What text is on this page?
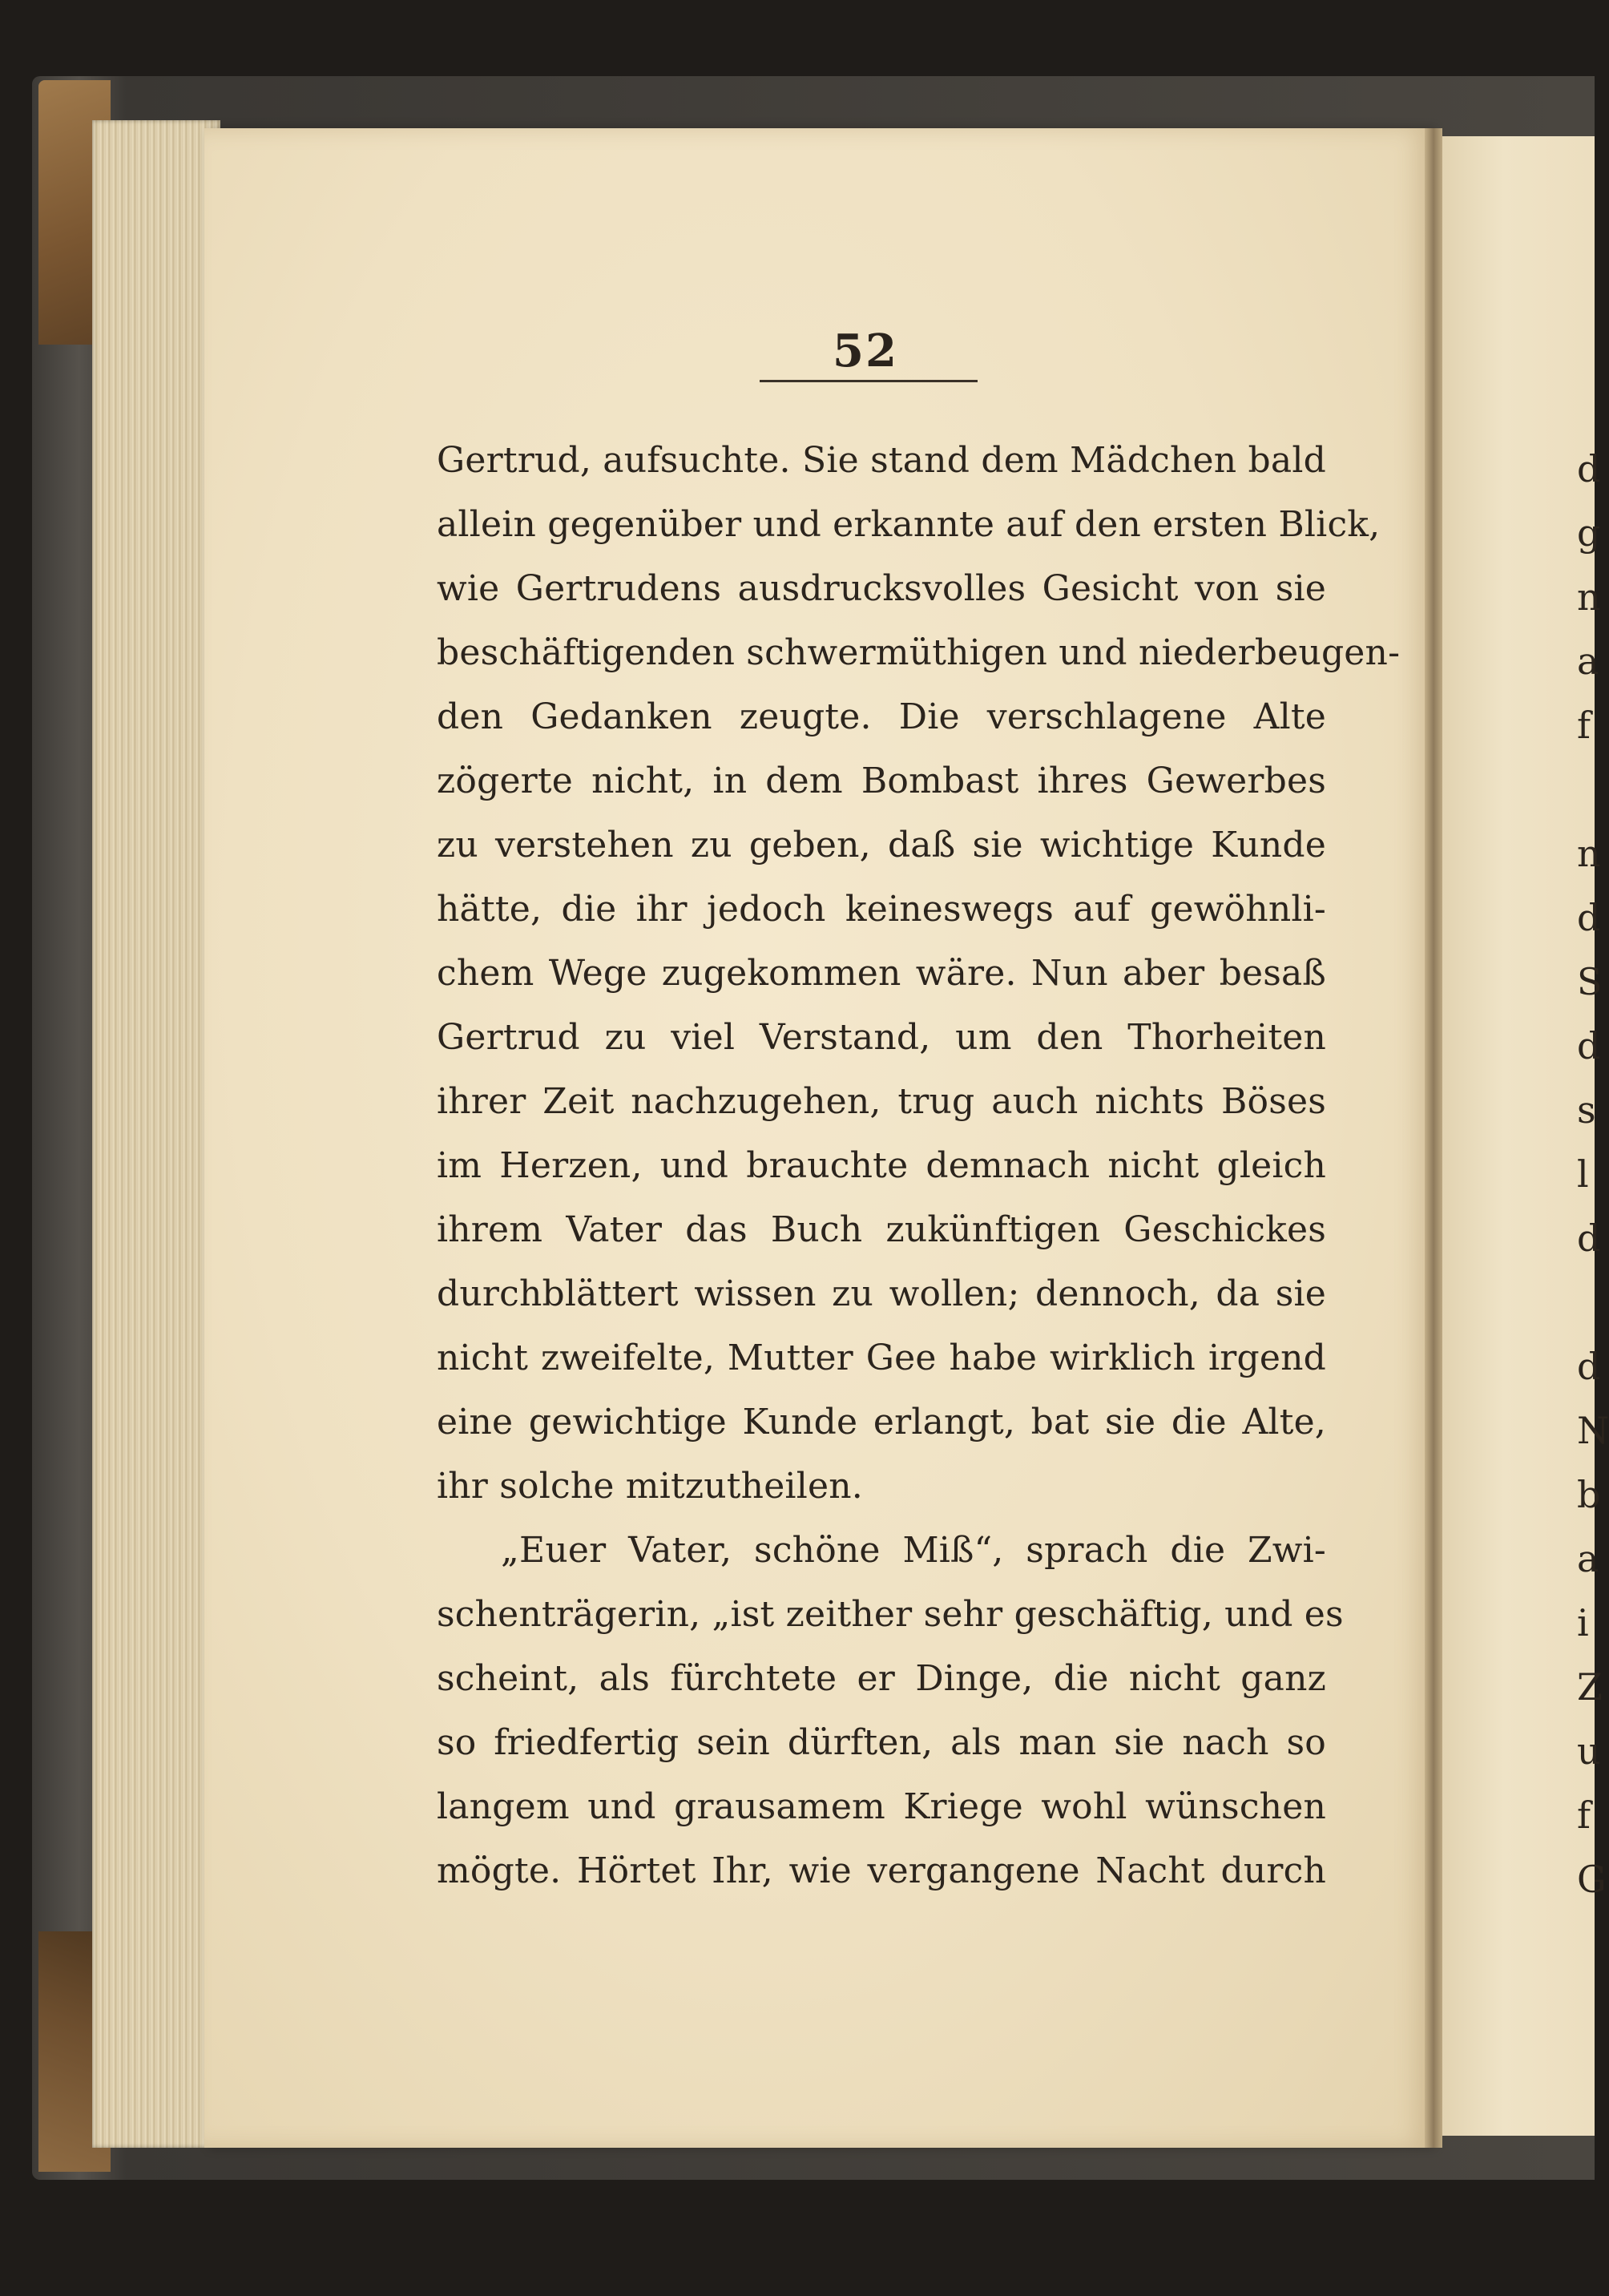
d
g
n
a
f
n
d
S
d
s
l
d
d
N
b
a
i
Z
u
f
G
52
Gertrud, aufsuchte. Sie stand dem Mädchen bald
allein gegenüber und erkannte auf den ersten Blick,
wie Gertrudens ausdrucksvolles Gesicht von sie
beschäftigenden schwermüthigen und niederbeugen-
den Gedanken zeugte. Die verschlagene Alte
zögerte nicht, in dem Bombast ihres Gewerbes
zu verstehen zu geben, daß sie wichtige Kunde
hätte, die ihr jedoch keineswegs auf gewöhnli-
chem Wege zugekommen wäre. Nun aber besaß
Gertrud zu viel Verstand, um den Thorheiten
ihrer Zeit nachzugehen, trug auch nichts Böses
im Herzen, und brauchte demnach nicht gleich
ihrem Vater das Buch zukünftigen Geschickes
durchblättert wissen zu wollen; dennoch, da sie
nicht zweifelte, Mutter Gee habe wirklich irgend
eine gewichtige Kunde erlangt, bat sie die Alte,
ihr solche mitzutheilen.
„Euer Vater, schöne Miß“, sprach die Zwi-
schenträgerin, „ist zeither sehr geschäftig, und es
scheint, als fürchtete er Dinge, die nicht ganz
so friedfertig sein dürften, als man sie nach so
langem und grausamem Kriege wohl wünschen
mögte. Hörtet Ihr, wie vergangene Nacht durch
